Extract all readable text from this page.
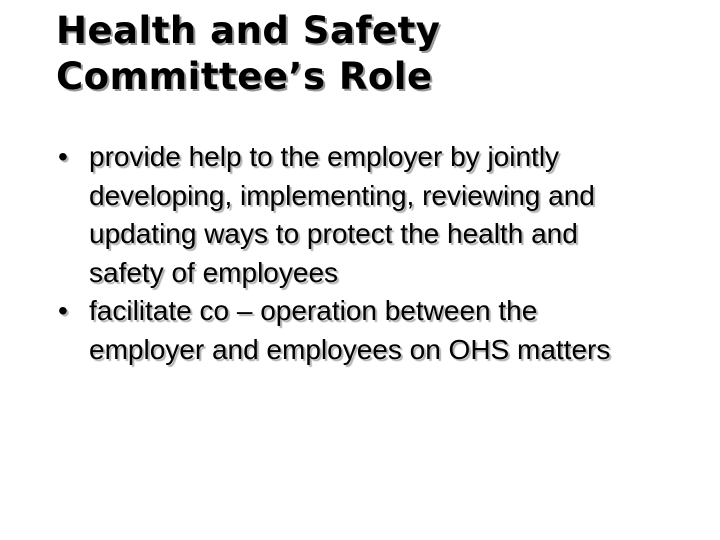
Health and Safety
Committee’s Role
• provide help to the employer by jointly developing, implementing, reviewing and updating ways to protect the health and safety of employees
• facilitate co – operation between the employer and employees on OHS matters
